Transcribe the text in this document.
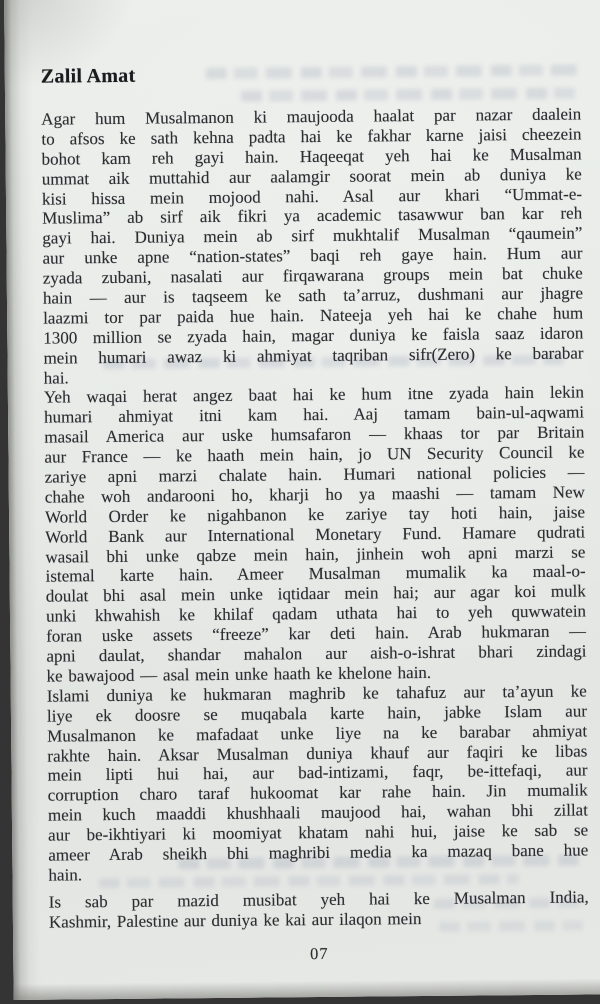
Zalil Amat
Agar hum Musalmanon ki maujooda haalat par nazar daalein
to afsos ke sath kehna padta hai ke fakhar karne jaisi cheezein
bohot kam reh gayi hain. Haqeeqat yeh hai ke Musalman
ummat aik muttahid aur aalamgir soorat mein ab duniya ke
kisi hissa mein mojood nahi. Asal aur khari “Ummat-e-
Muslima” ab sirf aik fikri ya academic tasawwur ban kar reh
gayi hai. Duniya mein ab sirf mukhtalif Musalman “qaumein”
aur unke apne “nation-states” baqi reh gaye hain. Hum aur
zyada zubani, nasalati aur firqawarana groups mein bat chuke
hain — aur is taqseem ke sath ta’arruz, dushmani aur jhagre
laazmi tor par paida hue hain. Nateeja yeh hai ke chahe hum
1300 million se zyada hain, magar duniya ke faisla saaz idaron
mein humari awaz ki ahmiyat taqriban sifr(Zero) ke barabar
hai.
Yeh waqai herat angez baat hai ke hum itne zyada hain lekin
humari ahmiyat itni kam hai. Aaj tamam bain-ul-aqwami
masail America aur uske humsafaron — khaas tor par Britain
aur France — ke haath mein hain, jo UN Security Council ke
zariye apni marzi chalate hain. Humari national policies —
chahe woh andarooni ho, kharji ho ya maashi — tamam New
World Order ke nigahbanon ke zariye tay hoti hain, jaise
World Bank aur International Monetary Fund. Hamare qudrati
wasail bhi unke qabze mein hain, jinhein woh apni marzi se
istemal karte hain. Ameer Musalman mumalik ka maal-o-
doulat bhi asal mein unke iqtidaar mein hai; aur agar koi mulk
unki khwahish ke khilaf qadam uthata hai to yeh quwwatein
foran uske assets “freeze” kar deti hain. Arab hukmaran —
apni daulat, shandar mahalon aur aish-o-ishrat bhari zindagi
ke bawajood — asal mein unke haath ke khelone hain.
Islami duniya ke hukmaran maghrib ke tahafuz aur ta’ayun ke
liye ek doosre se muqabala karte hain, jabke Islam aur
Musalmanon ke mafadaat unke liye na ke barabar ahmiyat
rakhte hain. Aksar Musalman duniya khauf aur faqiri ke libas
mein lipti hui hai, aur bad-intizami, faqr, be-ittefaqi, aur
corruption charo taraf hukoomat kar rahe hain. Jin mumalik
mein kuch maaddi khushhaali maujood hai, wahan bhi zillat
aur be-ikhtiyari ki moomiyat khatam nahi hui, jaise ke sab se
ameer Arab sheikh bhi maghribi media ka mazaq bane hue
hain.
Is sab par mazid musibat yeh hai ke Musalman India,
Kashmir, Palestine aur duniya ke kai aur ilaqon mein
07
